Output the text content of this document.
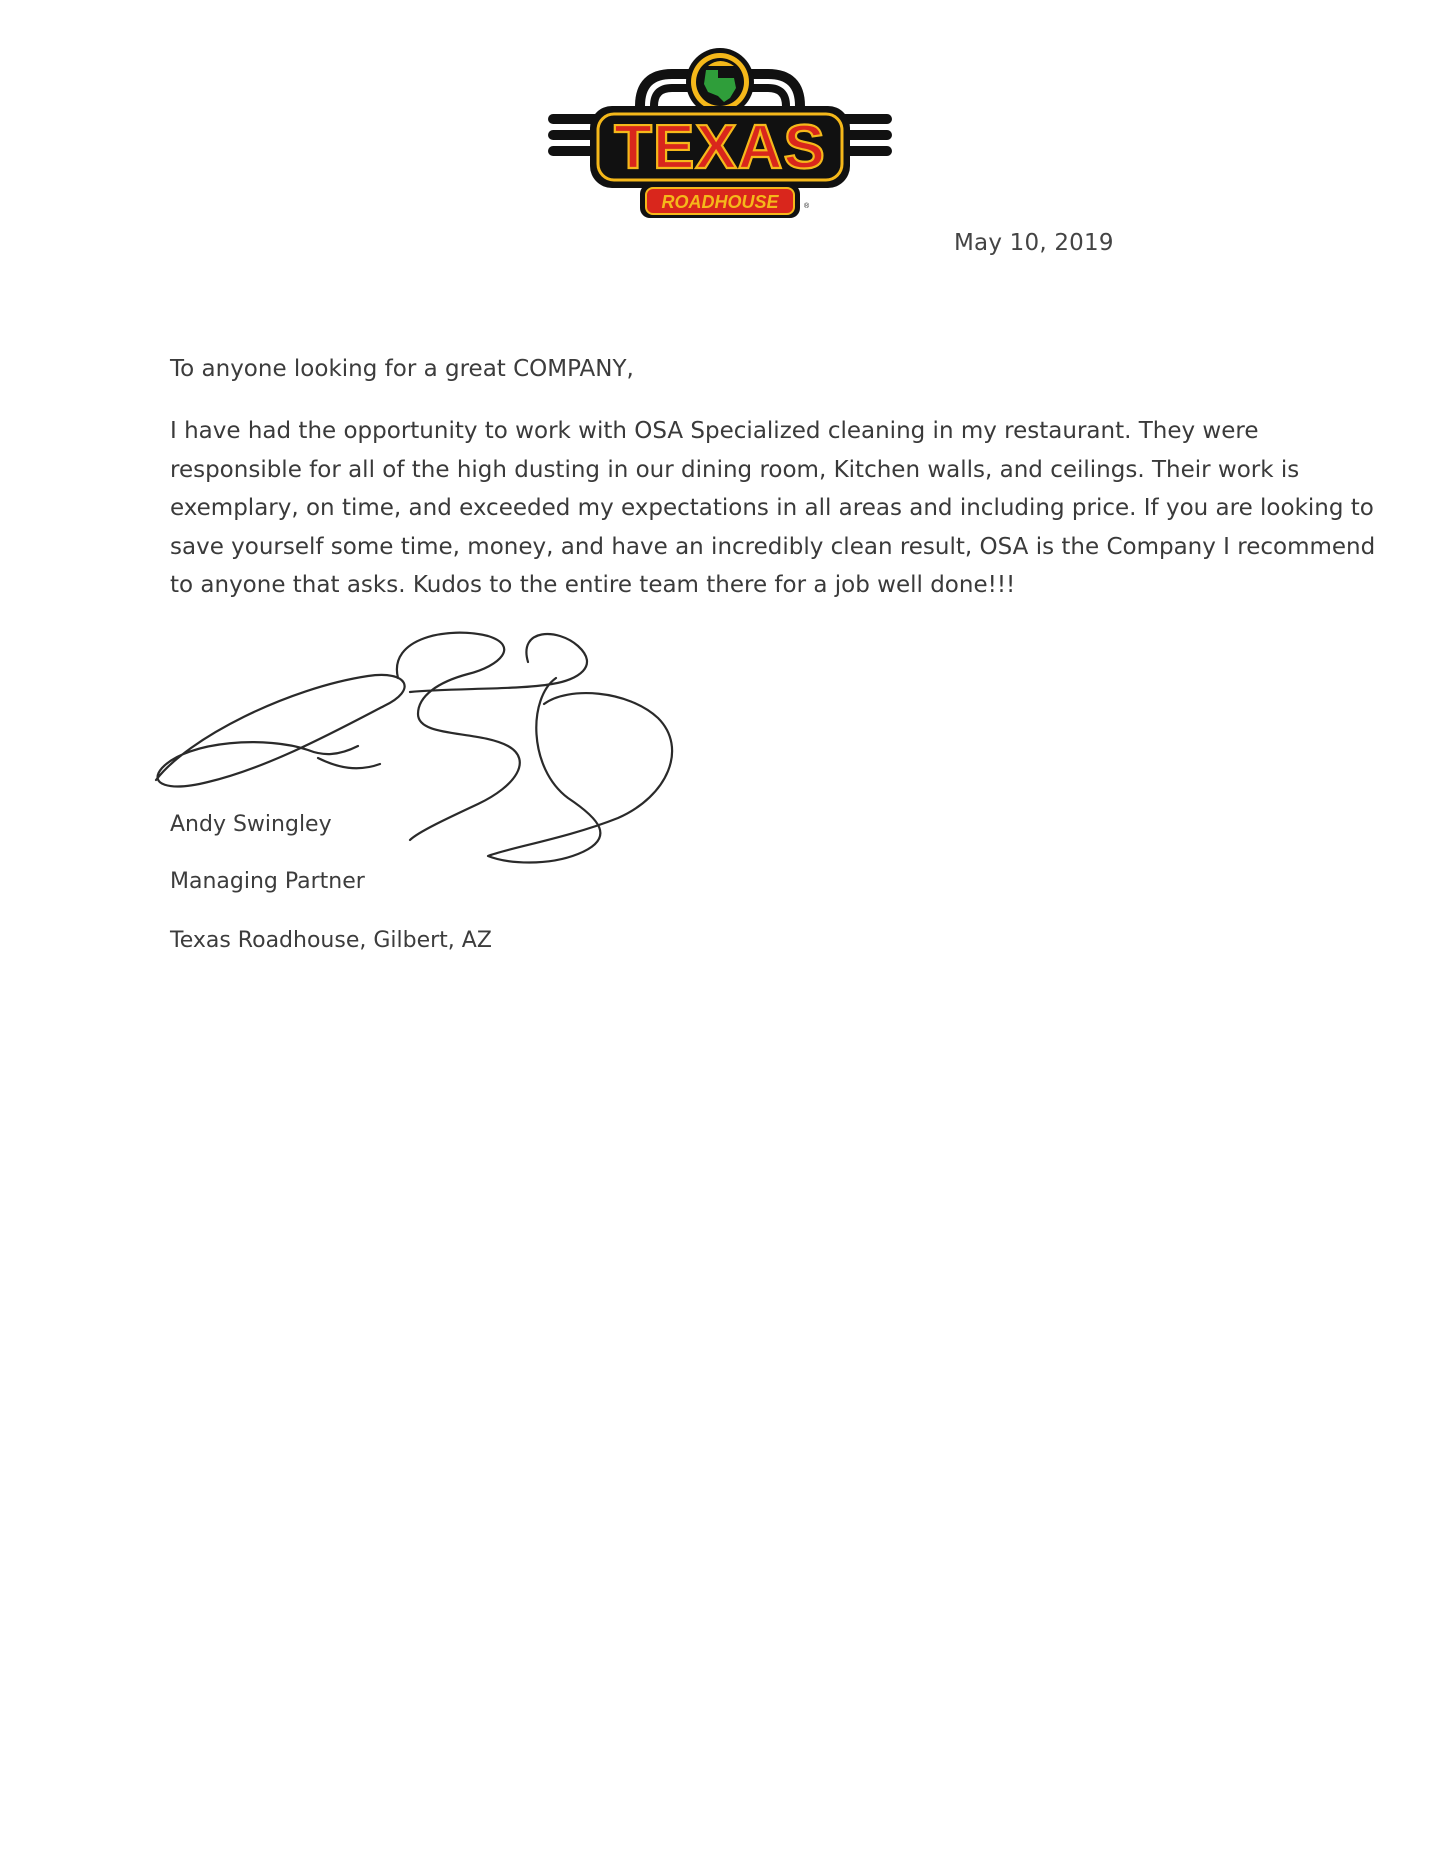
TEXAS
ROADHOUSE	®
May 10, 2019
To anyone looking for a great COMPANY,
I have had the opportunity to work with OSA Specialized cleaning in my restaurant. They were
responsible for all of the high dusting in our dining room, Kitchen walls, and ceilings. Their work is
exemplary, on time, and exceeded my expectations in all areas and including price. If you are looking to
save yourself some time, money, and have an incredibly clean result, OSA is the Company I recommend
to anyone that asks. Kudos to the entire team there for a job well done!!!
Andy Swingley
Managing Partner
Texas Roadhouse, Gilbert, AZ
